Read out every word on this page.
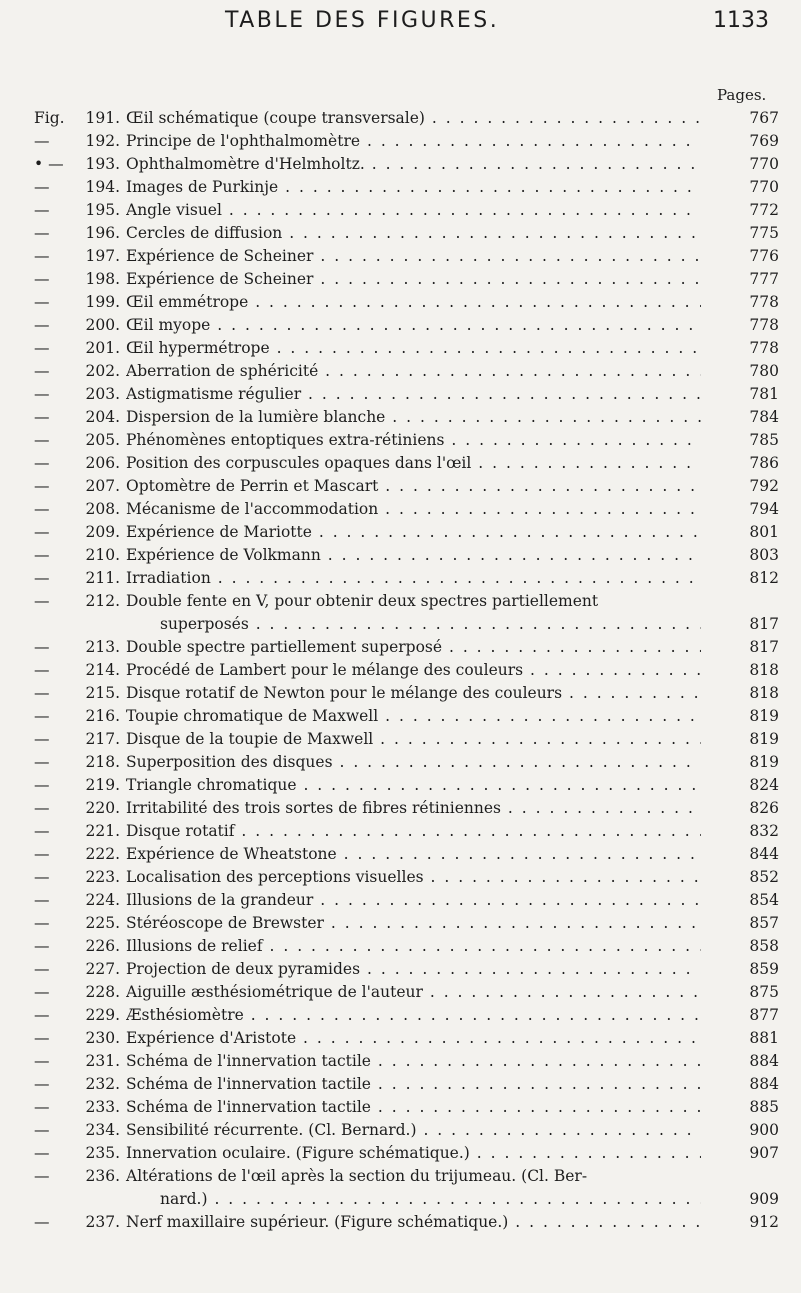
TABLE DES FIGURES.	1133
Pages.
Fig.	191. Œil schématique (coupe transversale) . . .	767
—	192. Principe de l'ophthalmomètre . . .	769
• —	193. Ophthalmomètre d'Helmholtz. . . .	770
—	194. Images de Purkinje . . .	770
—	195. Angle visuel . . .	772
—	196. Cercles de diffusion . . .	775
—	197. Expérience de Scheiner . . .	776
—	198. Expérience de Scheiner . . .	777
—	199. Œil emmétrope . . .	778
—	200. Œil myope . . .	778
—	201. Œil hypermétrope . . .	778
—	202. Aberration de sphéricité . . .	780
—	203. Astigmatisme régulier . . .	781
—	204. Dispersion de la lumière blanche . . .	784
—	205. Phénomènes entoptiques extra-rétiniens . . .	785
—	206. Position des corpuscules opaques dans l'œil . . .	786
—	207. Optomètre de Perrin et Mascart . . .	792
—	208. Mécanisme de l'accommodation . . .	794
—	209. Expérience de Mariotte . . .	801
—	210. Expérience de Volkmann . . .	803
—	211. Irradiation . . .	812
—	212. Double fente en V, pour obtenir deux spectres partiellement
superposés . . .	817
—	213. Double spectre partiellement superposé . . .	817
—	214. Procédé de Lambert pour le mélange des couleurs . . .	818
—	215. Disque rotatif de Newton pour le mélange des couleurs . . .	818
—	216. Toupie chromatique de Maxwell . . .	819
—	217. Disque de la toupie de Maxwell . . .	819
—	218. Superposition des disques . . .	819
—	219. Triangle chromatique . . .	824
—	220. Irritabilité des trois sortes de fibres rétiniennes . . .	826
—	221. Disque rotatif . . .	832
—	222. Expérience de Wheatstone . . .	844
—	223. Localisation des perceptions visuelles . . .	852
—	224. Illusions de la grandeur . . .	854
—	225. Stéréoscope de Brewster . . .	857
—	226. Illusions de relief . . .	858
—	227. Projection de deux pyramides . . .	859
—	228. Aiguille æsthésiométrique de l'auteur . . .	875
—	229. Æsthésiomètre . . .	877
—	230. Expérience d'Aristote . . .	881
—	231. Schéma de l'innervation tactile . . .	884
—	232. Schéma de l'innervation tactile . . .	884
—	233. Schéma de l'innervation tactile . . .	885
—	234. Sensibilité récurrente. (Cl. Bernard.) . . .	900
—	235. Innervation oculaire. (Figure schématique.) . . .	907
—	236. Altérations de l'œil après la section du trijumeau. (Cl. Ber-
nard.) . . .	909
—	237. Nerf maxillaire supérieur. (Figure schématique.) . . .	912
